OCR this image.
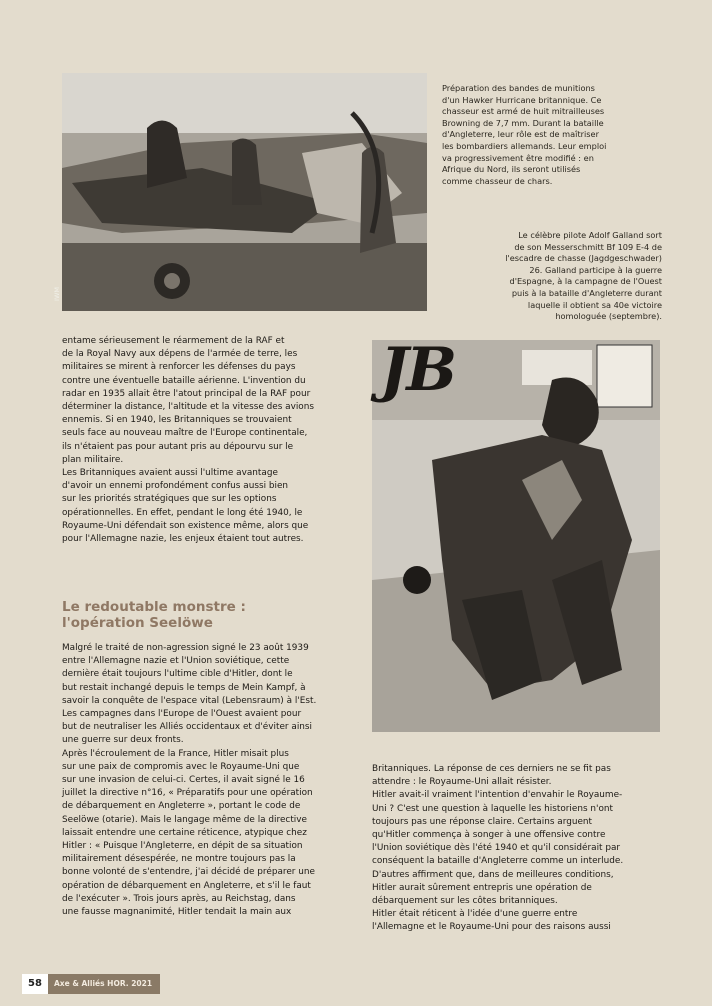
IWM
Préparation des bandes de munitions
d'un Hawker Hurricane britannique. Ce
chasseur est armé de huit mitrailleuses
Browning de 7,7 mm. Durant la bataille
d'Angleterre, leur rôle est de maîtriser
les bombardiers allemands. Leur emploi
va progressivement être modifié : en
Afrique du Nord, ils seront utilisés
comme chasseur de chars.
Le célèbre pilote Adolf Galland sort
de son Messerschmitt Bf 109 E-4 de
l'escadre de chasse (Jagdgeschwader)
26. Galland participe à la guerre
d'Espagne, à la campagne de l'Ouest
puis à la bataille d'Angleterre durant
laquelle il obtient sa 40e victoire
homologuée (septembre).
JB

entame sérieusement le réarmement de la RAF et

de la Royal Navy aux dépens de l'armée de terre, les

militaires se mirent à renforcer les défenses du pays

contre une éventuelle bataille aérienne. L'invention du

radar en 1935 allait être l'atout principal de la RAF pour

déterminer la distance, l'altitude et la vitesse des avions

ennemis. Si en 1940, les Britanniques se trouvaient

seuls face au nouveau maître de l'Europe continentale,

ils n'étaient pas pour autant pris au dépourvu sur le

plan militaire.

Les Britanniques avaient aussi l'ultime avantage

d'avoir un ennemi profondément confus aussi bien

sur les priorités stratégiques que sur les options

opérationnelles. En effet, pendant le long été 1940, le

Royaume-Uni défendait son existence même, alors que

pour l'Allemagne nazie, les enjeux étaient tout autres.

Le redoutable monstre :
l'opération Seelöwe

Malgré le traité de non-agression signé le 23 août 1939

entre l'Allemagne nazie et l'Union soviétique, cette

dernière était toujours l'ultime cible d'Hitler, dont le

but restait inchangé depuis le temps de Mein Kampf, à

savoir la conquête de l'espace vital (Lebensraum) à l'Est.

Les campagnes dans l'Europe de l'Ouest avaient pour

but de neutraliser les Alliés occidentaux et d'éviter ainsi

une guerre sur deux fronts.

Après l'écroulement de la France, Hitler misait plus

sur une paix de compromis avec le Royaume-Uni que

sur une invasion de celui-ci. Certes, il avait signé le 16

juillet la directive n°16, « Préparatifs pour une opération

de débarquement en Angleterre », portant le code de

Seelöwe (otarie). Mais le langage même de la directive

laissait entendre une certaine réticence, atypique chez

Hitler : « Puisque l'Angleterre, en dépit de sa situation

militairement désespérée, ne montre toujours pas la

bonne volonté de s'entendre, j'ai décidé de préparer une

opération de débarquement en Angleterre, et s'il le faut

de l'exécuter ». Trois jours après, au Reichstag, dans

une fausse magnanimité, Hitler tendait la main aux

Britanniques. La réponse de ces derniers ne se fit pas

attendre : le Royaume-Uni allait résister.

Hitler avait-il vraiment l'intention d'envahir le Royaume-

Uni ? C'est une question à laquelle les historiens n'ont

toujours pas une réponse claire. Certains arguent

qu'Hitler commença à songer à une offensive contre

l'Union soviétique dès l'été 1940 et qu'il considérait par

conséquent la bataille d'Angleterre comme un interlude.

D'autres affirment que, dans de meilleures conditions,

Hitler aurait sûrement entrepris une opération de

débarquement sur les côtes britanniques.

Hitler était réticent à l'idée d'une guerre entre

l'Allemagne et le Royaume-Uni pour des raisons aussi

58	Axe & Alliés HOR. 2021
